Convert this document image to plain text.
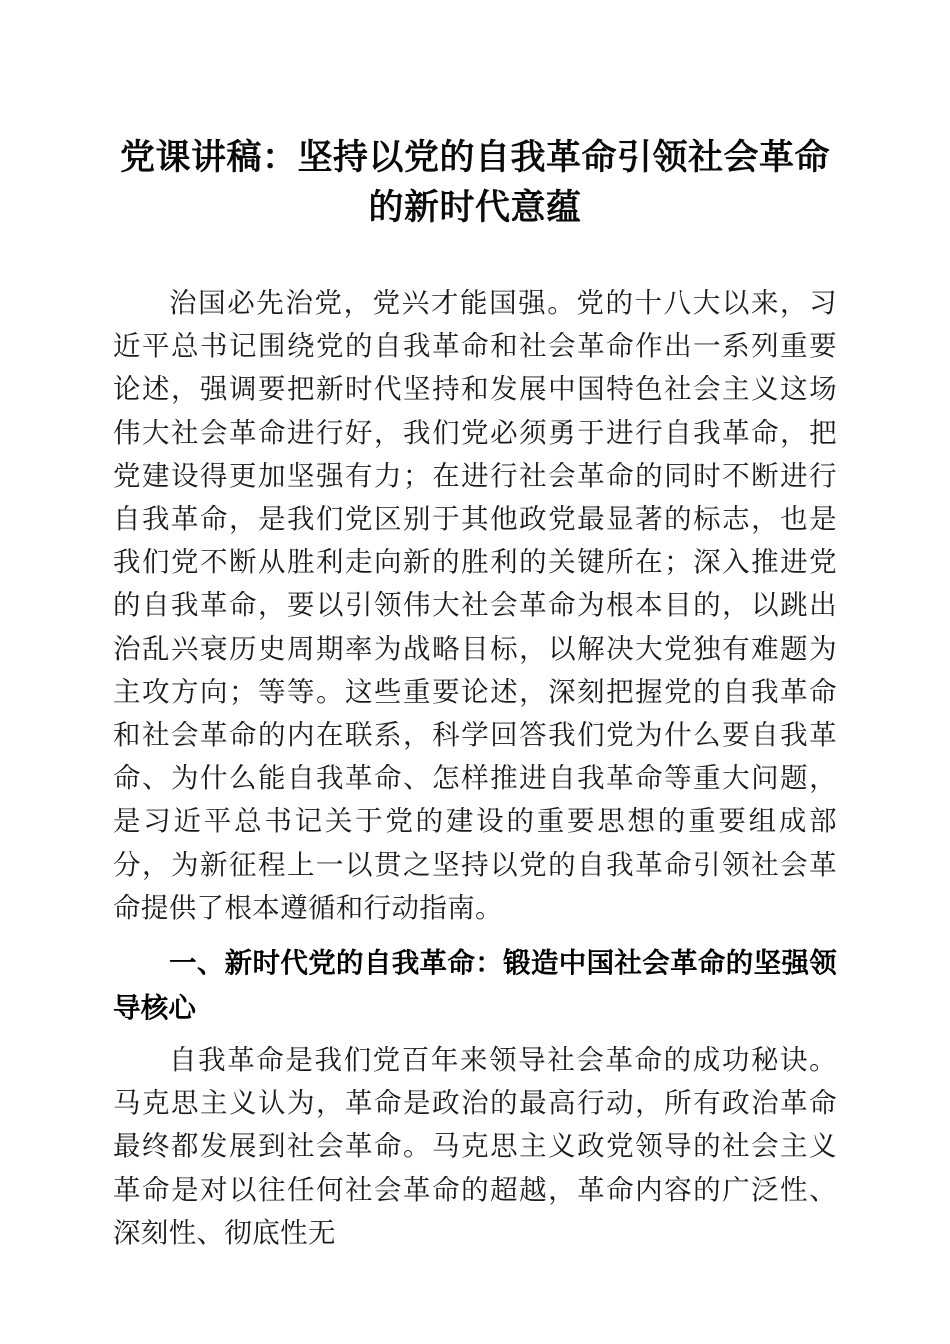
党课讲稿：坚持以党的自我革命引领社会革命的新时代意蕴

治国必先治党，党兴才能国强。党的十八大以来，习近平总书记围绕党的自我革命和社会革命作出一系列重要论述，强调要把新时代坚持和发展中国特色社会主义这场伟大社会革命进行好，我们党必须勇于进行自我革命，把党建设得更加坚强有力；在进行社会革命的同时不断进行自我革命，是我们党区别于其他政党最显著的标志，也是我们党不断从胜利走向新的胜利的关键所在；深入推进党的自我革命，要以引领伟大社会革命为根本目的，以跳出治乱兴衰历史周期率为战略目标，以解决大党独有难题为主攻方向；等等。这些重要论述，深刻把握党的自我革命和社会革命的内在联系，科学回答我们党为什么要自我革命、为什么能自我革命、怎样推进自我革命等重大问题，是习近平总书记关于党的建设的重要思想的重要组成部分，为新征程上一以贯之坚持以党的自我革命引领社会革命提供了根本遵循和行动指南。

一、新时代党的自我革命：锻造中国社会革命的坚强领导核心

自我革命是我们党百年来领导社会革命的成功秘诀。马克思主义认为，革命是政治的最高行动，所有政治革命最终都发展到社会革命。马克思主义政党领导的社会主义革命是对以往任何社会革命的超越，革命内容的广泛性、深刻性、彻底性无
